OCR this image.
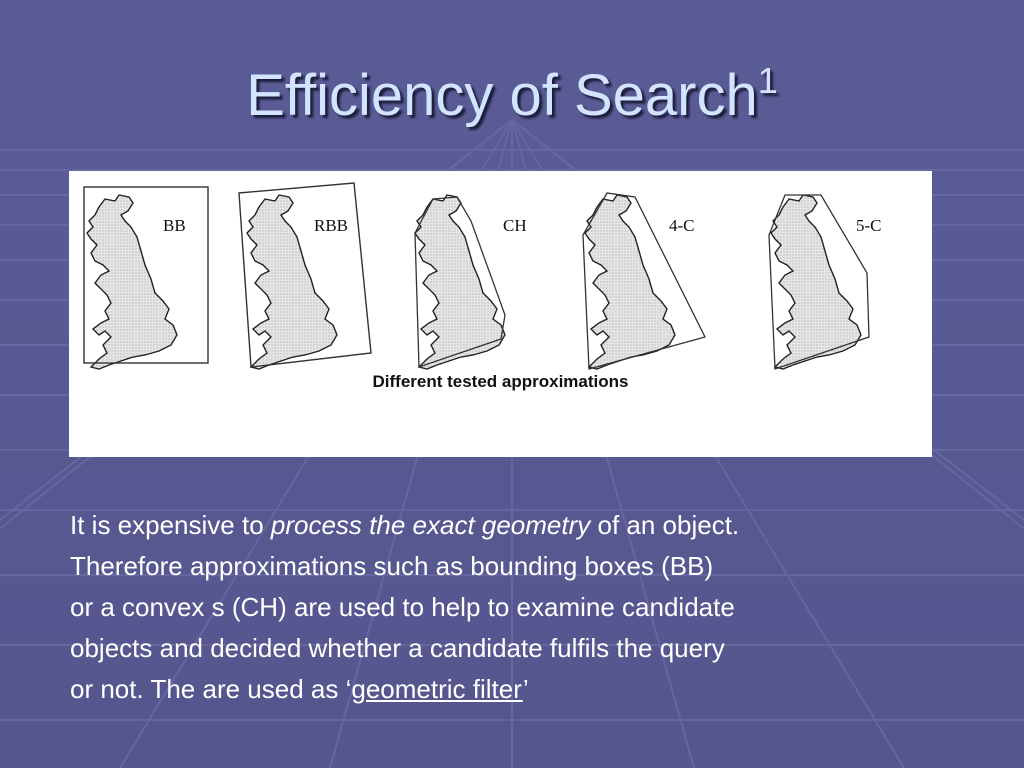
Efficiency of Search$^1$
BB	RBB	CH	4-C	5-C
Different tested approximations

It is expensive to process the exact geometry of an object.

Therefore approximations such as bounding boxes (BB)

or a convex s (CH) are used to help to examine candidate

objects and decided whether a candidate fulfils the query

or not. The are used as ‘geometric filter’
